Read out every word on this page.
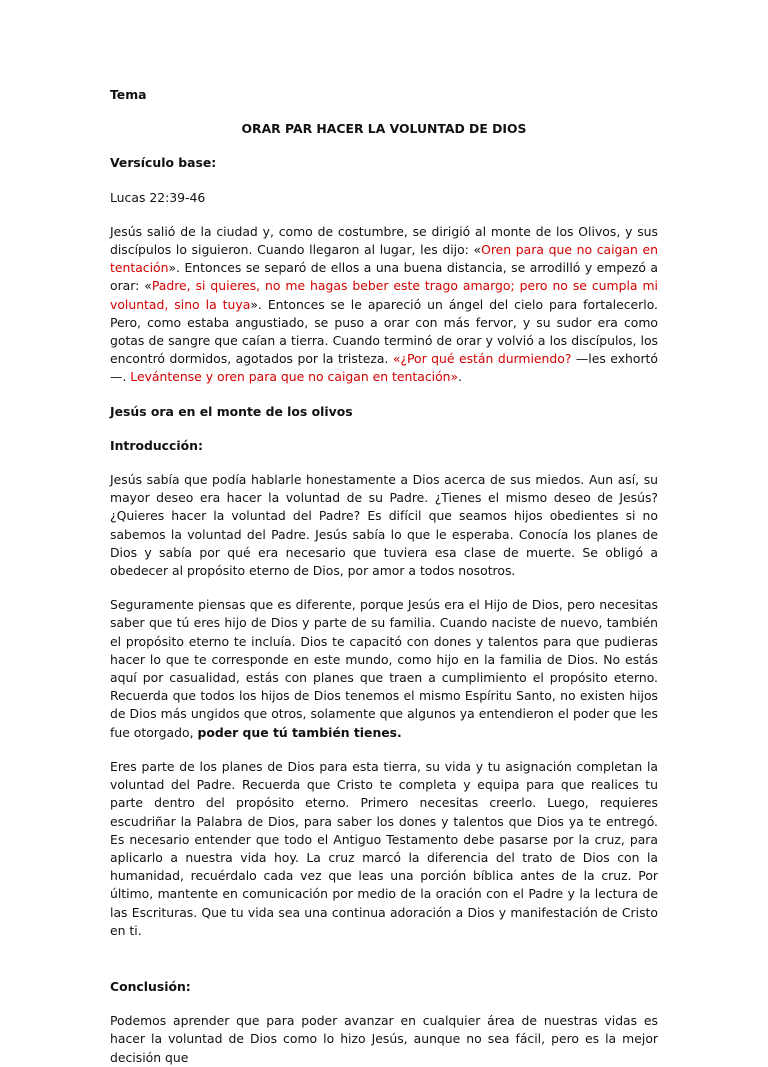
Tema

ORAR PAR HACER LA VOLUNTAD DE DIOS

Versículo base:

Lucas 22:39-46

Jesús salió de la ciudad y, como de costumbre, se dirigió al monte de los Olivos, y sus discípulos lo siguieron. Cuando llegaron al lugar, les dijo: «Oren para que no caigan en tentación». Entonces se separó de ellos a una buena distancia, se arrodilló y empezó a orar: «Padre, si quieres, no me hagas beber este trago amargo; pero no se cumpla mi voluntad, sino la tuya». Entonces se le apareció un ángel del cielo para fortalecerlo. Pero, como estaba angustiado, se puso a orar con más fervor, y su sudor era como gotas de sangre que caían a tierra. Cuando terminó de orar y volvió a los discípulos, los encontró dormidos, agotados por la tristeza. «¿Por qué están durmiendo? —les exhortó—. Levántense y oren para que no caigan en tentación».

Jesús ora en el monte de los olivos

Introducción:

Jesús sabía que podía hablarle honestamente a Dios acerca de sus miedos. Aun así, su mayor deseo era hacer la voluntad de su Padre. ¿Tienes el mismo deseo de Jesús? ¿Quieres hacer la voluntad del Padre? Es difícil que seamos hijos obedientes si no sabemos la voluntad del Padre. Jesús sabía lo que le esperaba. Conocía los planes de Dios y sabía por qué era necesario que tuviera esa clase de muerte. Se obligó a obedecer al propósito eterno de Dios, por amor a todos nosotros.

Seguramente piensas que es diferente, porque Jesús era el Hijo de Dios, pero necesitas saber que tú eres hijo de Dios y parte de su familia. Cuando naciste de nuevo, también el propósito eterno te incluía. Dios te capacitó con dones y talentos para que pudieras hacer lo que te corresponde en este mundo, como hijo en la familia de Dios. No estás aquí por casualidad, estás con planes que traen a cumplimiento el propósito eterno. Recuerda que todos los hijos de Dios tenemos el mismo Espíritu Santo, no existen hijos de Dios más ungidos que otros, solamente que algunos ya entendieron el poder que les fue otorgado, poder que tú también tienes.

Eres parte de los planes de Dios para esta tierra, su vida y tu asignación completan la voluntad del Padre. Recuerda que Cristo te completa y equipa para que realices tu parte dentro del propósito eterno. Primero necesitas creerlo. Luego, requieres escudriñar la Palabra de Dios, para saber los dones y talentos que Dios ya te entregó. Es necesario entender que todo el Antiguo Testamento debe pasarse por la cruz, para aplicarlo a nuestra vida hoy. La cruz marcó la diferencia del trato de Dios con la humanidad, recuérdalo cada vez que leas una porción bíblica antes de la cruz. Por último, mantente en comunicación por medio de la oración con el Padre y la lectura de las Escrituras. Que tu vida sea una continua adoración a Dios y manifestación de Cristo en ti.

Conclusión:

Podemos aprender que para poder avanzar en cualquier área de nuestras vidas es hacer la voluntad de Dios como lo hizo Jesús, aunque no sea fácil, pero es la mejor decisión que
